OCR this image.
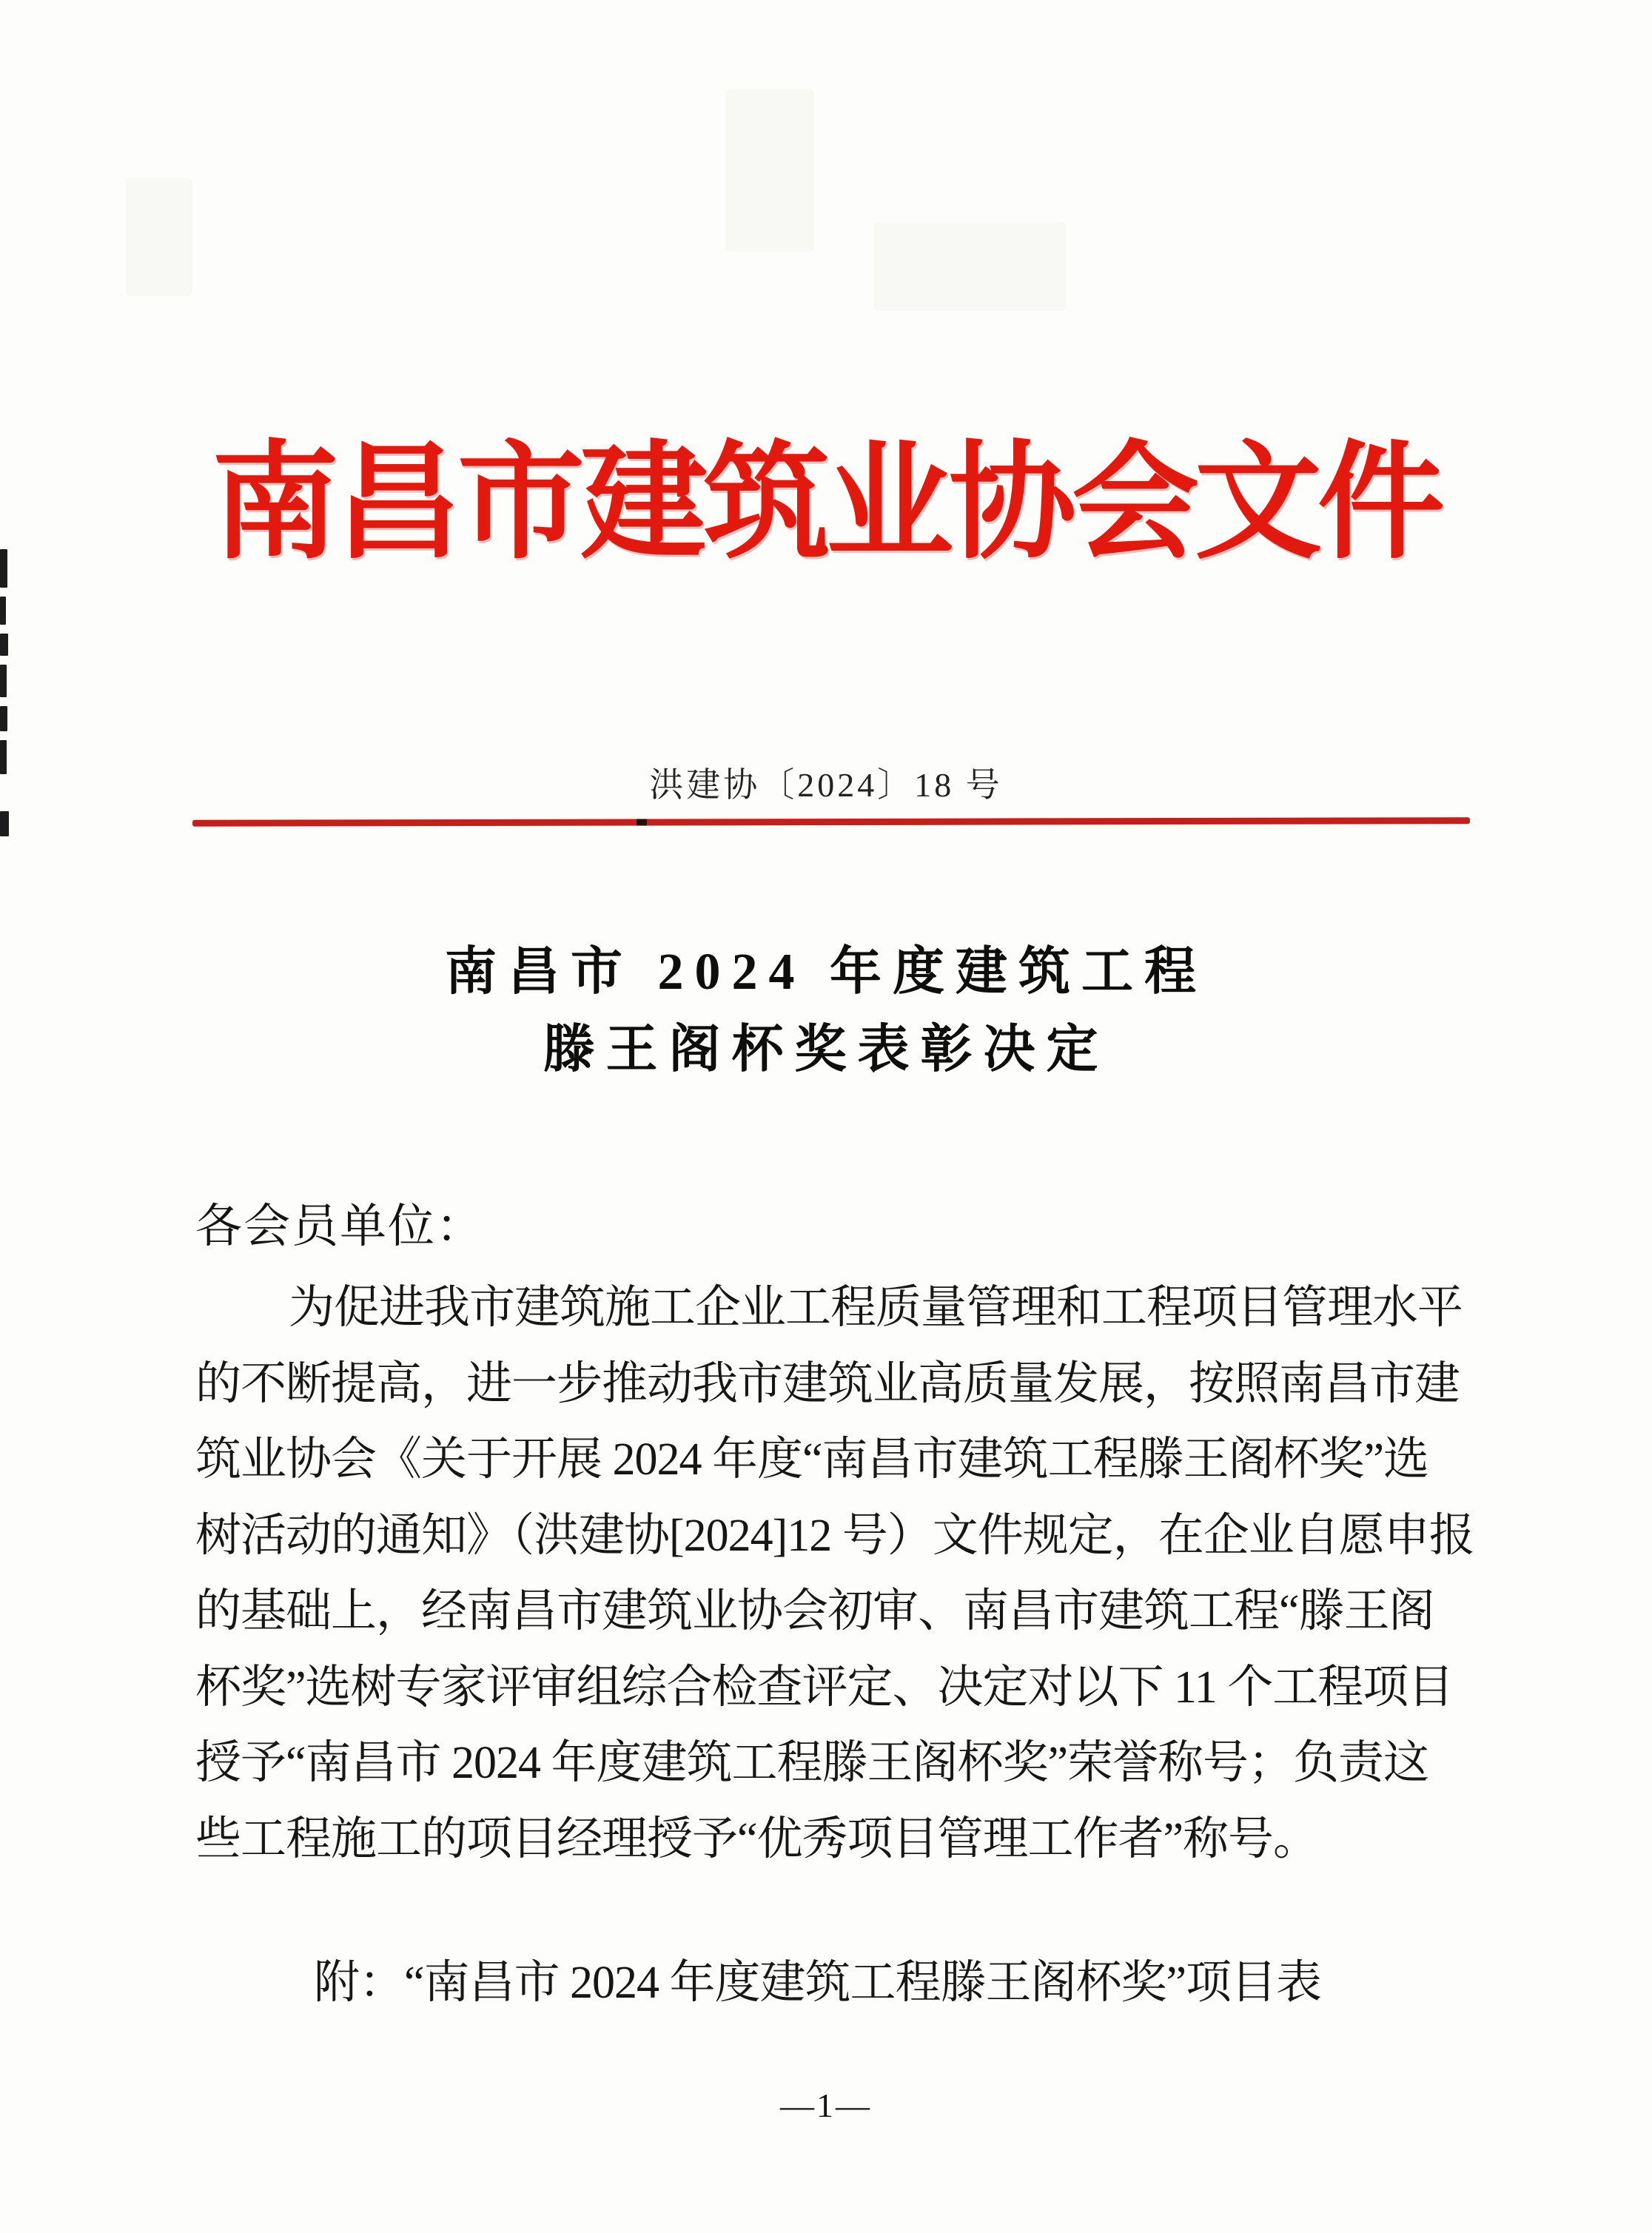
南昌市建筑业协会文件
洪建协〔2024〕18 号
南昌市 2024 年度建筑工程
滕王阁杯奖表彰决定
各会员单位：
为促进我市建筑施工企业工程质量管理和工程项目管理水平
的不断提高，进一步推动我市建筑业高质量发展，按照南昌市建
筑业协会《关于开展 2024 年度“南昌市建筑工程滕王阁杯奖”选
树活动的通知》（洪建协[2024]12 号）文件规定，在企业自愿申报
的基础上，经南昌市建筑业协会初审、南昌市建筑工程“滕王阁
杯奖”选树专家评审组综合检查评定、决定对以下 11 个工程项目
授予“南昌市 2024 年度建筑工程滕王阁杯奖”荣誉称号；负责这
些工程施工的项目经理授予“优秀项目管理工作者”称号。
附：“南昌市 2024 年度建筑工程滕王阁杯奖”项目表
—1—
